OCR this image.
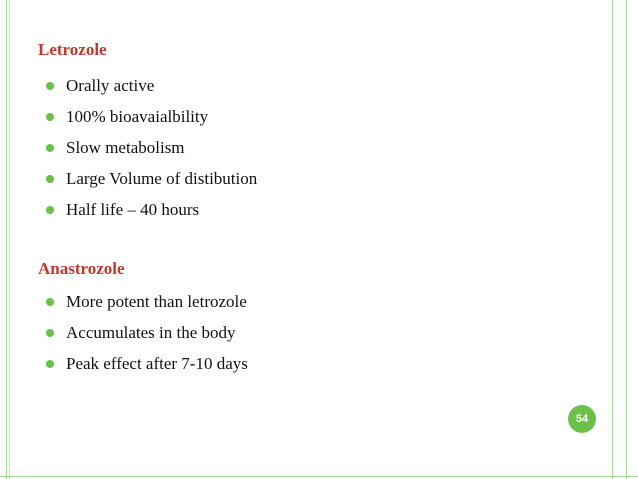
Letrozole
Orally active
100% bioavaialbility
Slow metabolism
Large Volume of distibution
Half life – 40 hours
Anastrozole
More potent than letrozole
Accumulates in the body
Peak effect after 7-10 days
54
